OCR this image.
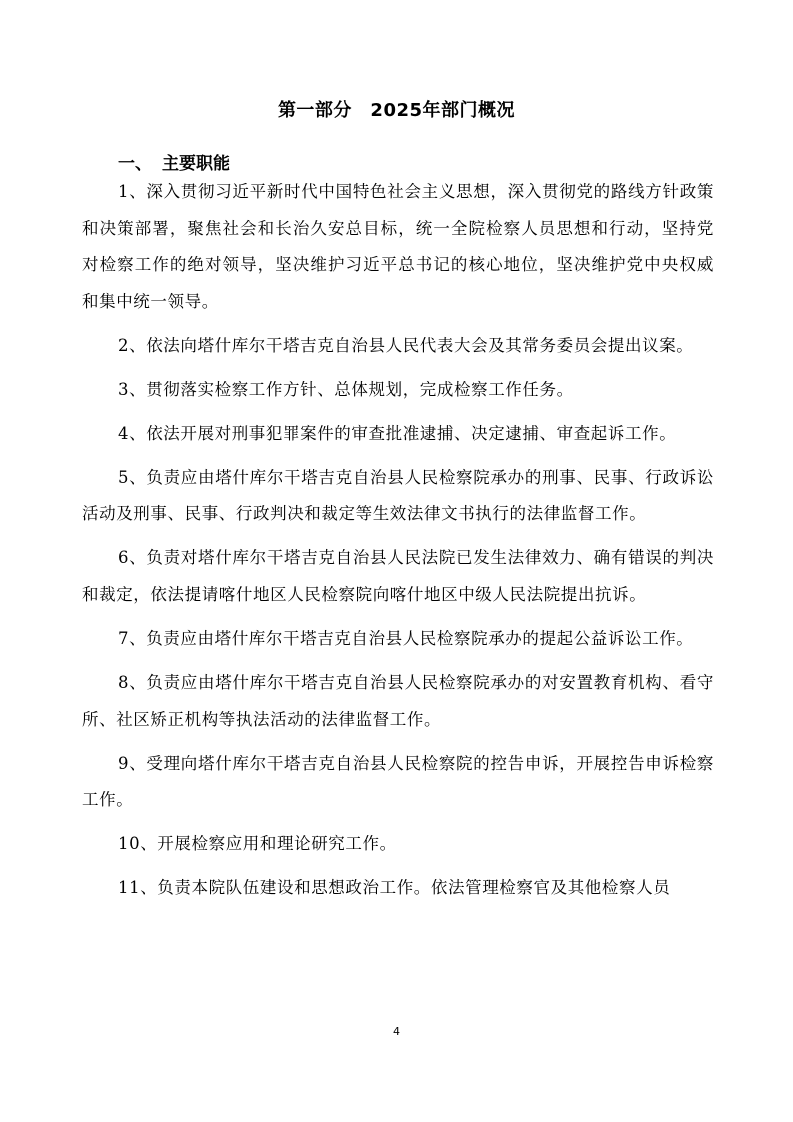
第一部分　2025年部门概况
一、 主要职能

1、深入贯彻习近平新时代中国特色社会主义思想，深入贯彻党的路线方针政策和决策部署，聚焦社会和长治久安总目标，统一全院检察人员思想和行动，坚持党对检察工作的绝对领导，坚决维护习近平总书记的核心地位，坚决维护党中央权威和集中统一领导。

2、依法向塔什库尔干塔吉克自治县人民代表大会及其常务委员会提出议案。

3、贯彻落实检察工作方针、总体规划，完成检察工作任务。

4、依法开展对刑事犯罪案件的审查批准逮捕、决定逮捕、审查起诉工作。

5、负责应由塔什库尔干塔吉克自治县人民检察院承办的刑事、民事、行政诉讼活动及刑事、民事、行政判决和裁定等生效法律文书执行的法律监督工作。

6、负责对塔什库尔干塔吉克自治县人民法院已发生法律效力、确有错误的判决和裁定，依法提请喀什地区人民检察院向喀什地区中级人民法院提出抗诉。

7、负责应由塔什库尔干塔吉克自治县人民检察院承办的提起公益诉讼工作。

8、负责应由塔什库尔干塔吉克自治县人民检察院承办的对安置教育机构、看守所、社区矫正机构等执法活动的法律监督工作。

9、受理向塔什库尔干塔吉克自治县人民检察院的控告申诉，开展控告申诉检察工作。

10、开展检察应用和理论研究工作。

11、负责本院队伍建设和思想政治工作。依法管理检察官及其他检察人员

4
